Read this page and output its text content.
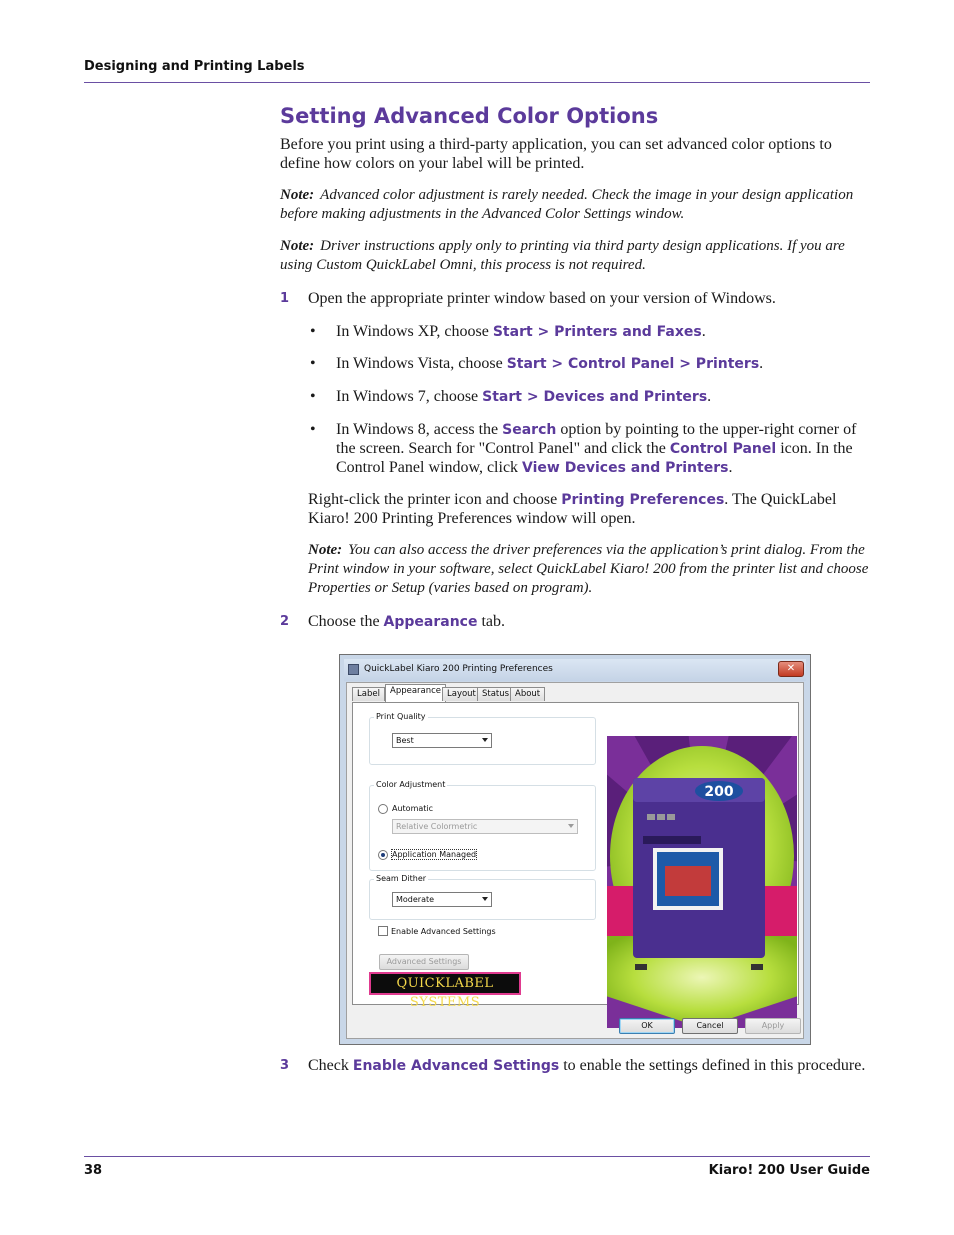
Designing and Printing Labels
Setting Advanced Color Options
Before you print using a third-party application, you can set advanced color options to define how colors on your label will be printed.
Note: Advanced color adjustment is rarely needed. Check the image in your design application before making adjustments in the Advanced Color Settings window.
Note: Driver instructions apply only to printing via third party design applications. If you are using Custom QuickLabel Omni, this process is not required.
1 Open the appropriate printer window based on your version of Windows.
• In Windows XP, choose Start > Printers and Faxes.
• In Windows Vista, choose Start > Control Panel > Printers.
• In Windows 7, choose Start > Devices and Printers.
• In Windows 8, access the Search option by pointing to the upper-right corner of the screen. Search for "Control Panel" and click the Control Panel icon. In the Control Panel window, click View Devices and Printers.
Right-click the printer icon and choose Printing Preferences. The QuickLabel Kiaro! 200 Printing Preferences window will open.
Note: You can also access the driver preferences via the application’s print dialog. From the Print window in your software, select QuickLabel Kiaro! 200 from the printer list and choose Properties or Setup (varies based on program).
2 Choose the Appearance tab.
QuickLabel Kiaro 200 Printing Preferences	✕
Label	Appearance Layout Status About
Print Quality
Best
Color Adjustment
Automatic
Relative Colormetric
Application Managed
Seam Dither
Moderate
Enable Advanced Settings
Advanced Settings
QUICKLABEL SYSTEMS
200
OK	Cancel	Apply
3 Check Enable Advanced Settings to enable the settings defined in this procedure.
38	Kiaro! 200 User Guide
